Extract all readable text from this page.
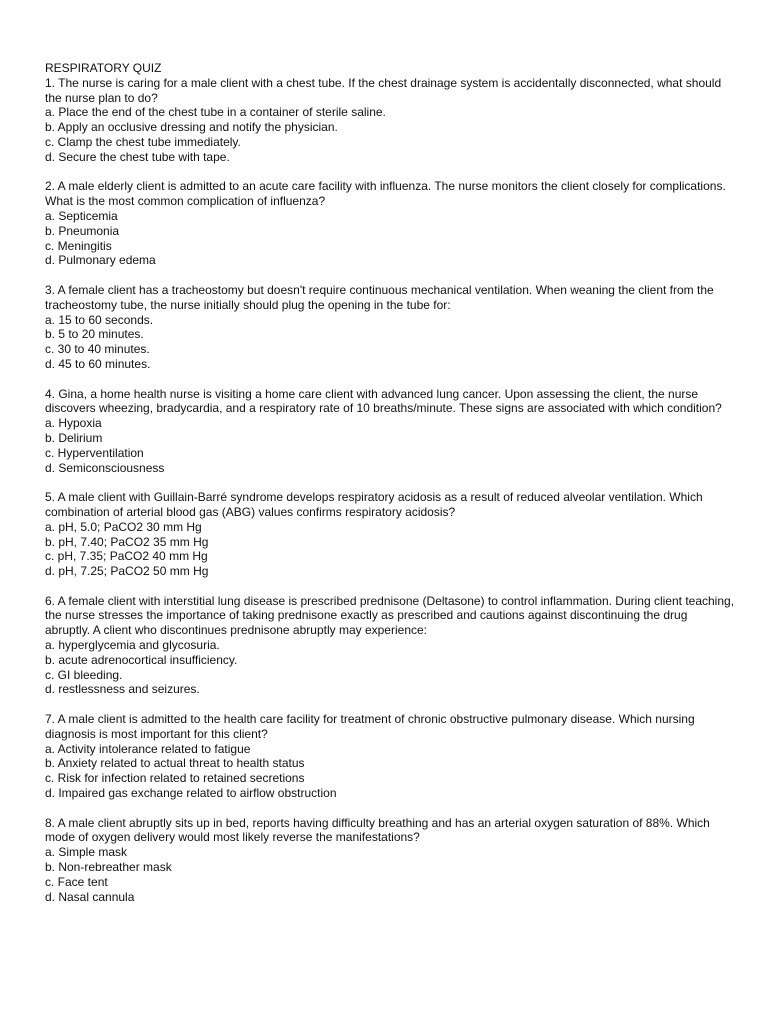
RESPIRATORY QUIZ

1. The nurse is caring for a male client with a chest tube. If the chest drainage system is accidentally disconnected, what should the nurse plan to do?

a. Place the end of the chest tube in a container of sterile saline.
b. Apply an occlusive dressing and notify the physician.
c. Clamp the chest tube immediately.
d. Secure the chest tube with tape.

2. A male elderly client is admitted to an acute care facility with influenza. The nurse monitors the client closely for complications. What is the most common complication of influenza?

a. Septicemia
b. Pneumonia
c. Meningitis
d. Pulmonary edema

3. A female client has a tracheostomy but doesn't require continuous mechanical ventilation. When weaning the client from the tracheostomy tube, the nurse initially should plug the opening in the tube for:

a. 15 to 60 seconds.
b. 5 to 20 minutes.
c. 30 to 40 minutes.
d. 45 to 60 minutes.

4. Gina, a home health nurse is visiting a home care client with advanced lung cancer. Upon assessing the client, the nurse discovers wheezing, bradycardia, and a respiratory rate of 10 breaths/minute. These signs are associated with which condition?

a. Hypoxia
b. Delirium
c. Hyperventilation
d. Semiconsciousness

5. A male client with Guillain-Barré syndrome develops respiratory acidosis as a result of reduced alveolar ventilation. Which combination of arterial blood gas (ABG) values confirms respiratory acidosis?

a. pH, 5.0; PaCO2 30 mm Hg
b. pH, 7.40; PaCO2 35 mm Hg
c. pH, 7.35; PaCO2 40 mm Hg
d. pH, 7.25; PaCO2 50 mm Hg

6. A female client with interstitial lung disease is prescribed prednisone (Deltasone) to control inflammation. During client teaching, the nurse stresses the importance of taking prednisone exactly as prescribed and cautions against discontinuing the drug abruptly. A client who discontinues prednisone abruptly may experience:

a. hyperglycemia and glycosuria.
b. acute adrenocortical insufficiency.
c. GI bleeding.
d. restlessness and seizures.

7. A male client is admitted to the health care facility for treatment of chronic obstructive pulmonary disease. Which nursing diagnosis is most important for this client?

a. Activity intolerance related to fatigue
b. Anxiety related to actual threat to health status
c. Risk for infection related to retained secretions
d. Impaired gas exchange related to airflow obstruction

8. A male client abruptly sits up in bed, reports having difficulty breathing and has an arterial oxygen saturation of 88%. Which mode of oxygen delivery would most likely reverse the manifestations?

a. Simple mask
b. Non-rebreather mask
c. Face tent
d. Nasal cannula
